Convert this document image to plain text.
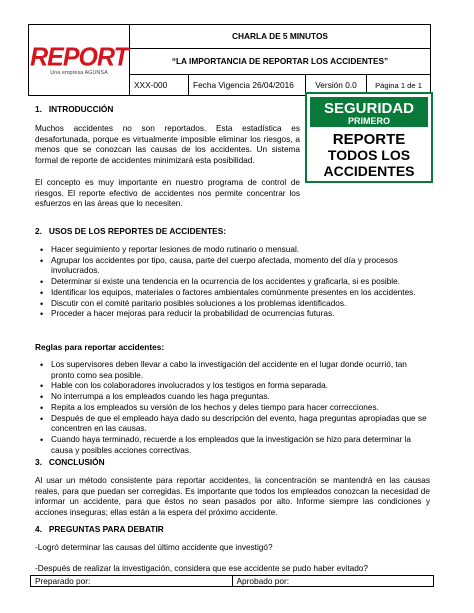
REPORT
Una empresa AGUNSA	CHARLA DE 5 MINUTOS			
	“LA IMPORTANCIA DE REPORTAR LOS ACCIDENTES”			
	XXX-000	Fecha Vigencia 26/04/2016	Versión 0.0	Página 1 de 1
SEGURIDAD
PRIMERO
REPORTE
TODOS LOS
ACCIDENTES
1.   INTRODUCCIÓN
Muchos accidentes no son reportados. Esta estadística es desafortunada, porque es virtualmente imposible eliminar los riesgos, a menos que se conozcan las causas de los accidentes. Un sistema formal de reporte de accidentes minimizará esta posibilidad.
El concepto es muy importante en nuestro programa de control de riesgos. El reporte efectivo de accidentes nos permite concentrar los esfuerzos en las áreas que lo necesiten.
2.   USOS DE LOS REPORTES DE ACCIDENTES:
• Hacer seguimiento y reportar lesiones de modo rutinario o mensual.
• Agrupar los accidentes por tipo, causa, parte del cuerpo afectada, momento del día y procesos involucrados.
• Determinar si existe una tendencia en la ocurrencia de los accidentes y graficarla, si es posible.
• Identificar los equipos, materiales o factores ambientales comúnmente presentes en los accidentes.
• Discutir con el comité paritario posibles soluciones a los problemas identificados.
• Proceder a hacer mejoras para reducir la probabilidad de ocurrencias futuras.
Reglas para reportar accidentes:
• Los supervisores deben llevar a cabo la investigación del accidente en el lugar donde ocurrió, tan pronto como sea posible.
• Hable con los colaboradores involucrados y los testigos en forma separada.
• No interrumpa a los empleados cuando les haga preguntas.
• Repita a los empleados su versión de los hechos y deles tiempo para hacer correcciones.
• Después de que el empleado haya dado su descripción del evento, haga preguntas apropiadas que se concentren en las causas.
• Cuando haya terminado, recuerde a los empleados que la investigación se hizo para determinar la causa y posibles acciones correctivas.
3.   CONCLUSIÓN
Al usar un método consistente para reportar accidentes, la concentración se mantendrá en las causas reales, para que puedan ser corregidas. Es importante que todos los empleados conozcan la necesidad de informar un accidente, para que éstos no sean pasados por alto. Informe siempre las condiciones y acciones inseguras; ellas están a la espera del próximo accidente.
4.   PREGUNTAS PARA DEBATIR
-Logró determinar las causas del último accidente que investigó?
-Después de realizar la investigación, considera que ese accidente se pudo haber evitado?
Preparado por:	Aprobado por:
